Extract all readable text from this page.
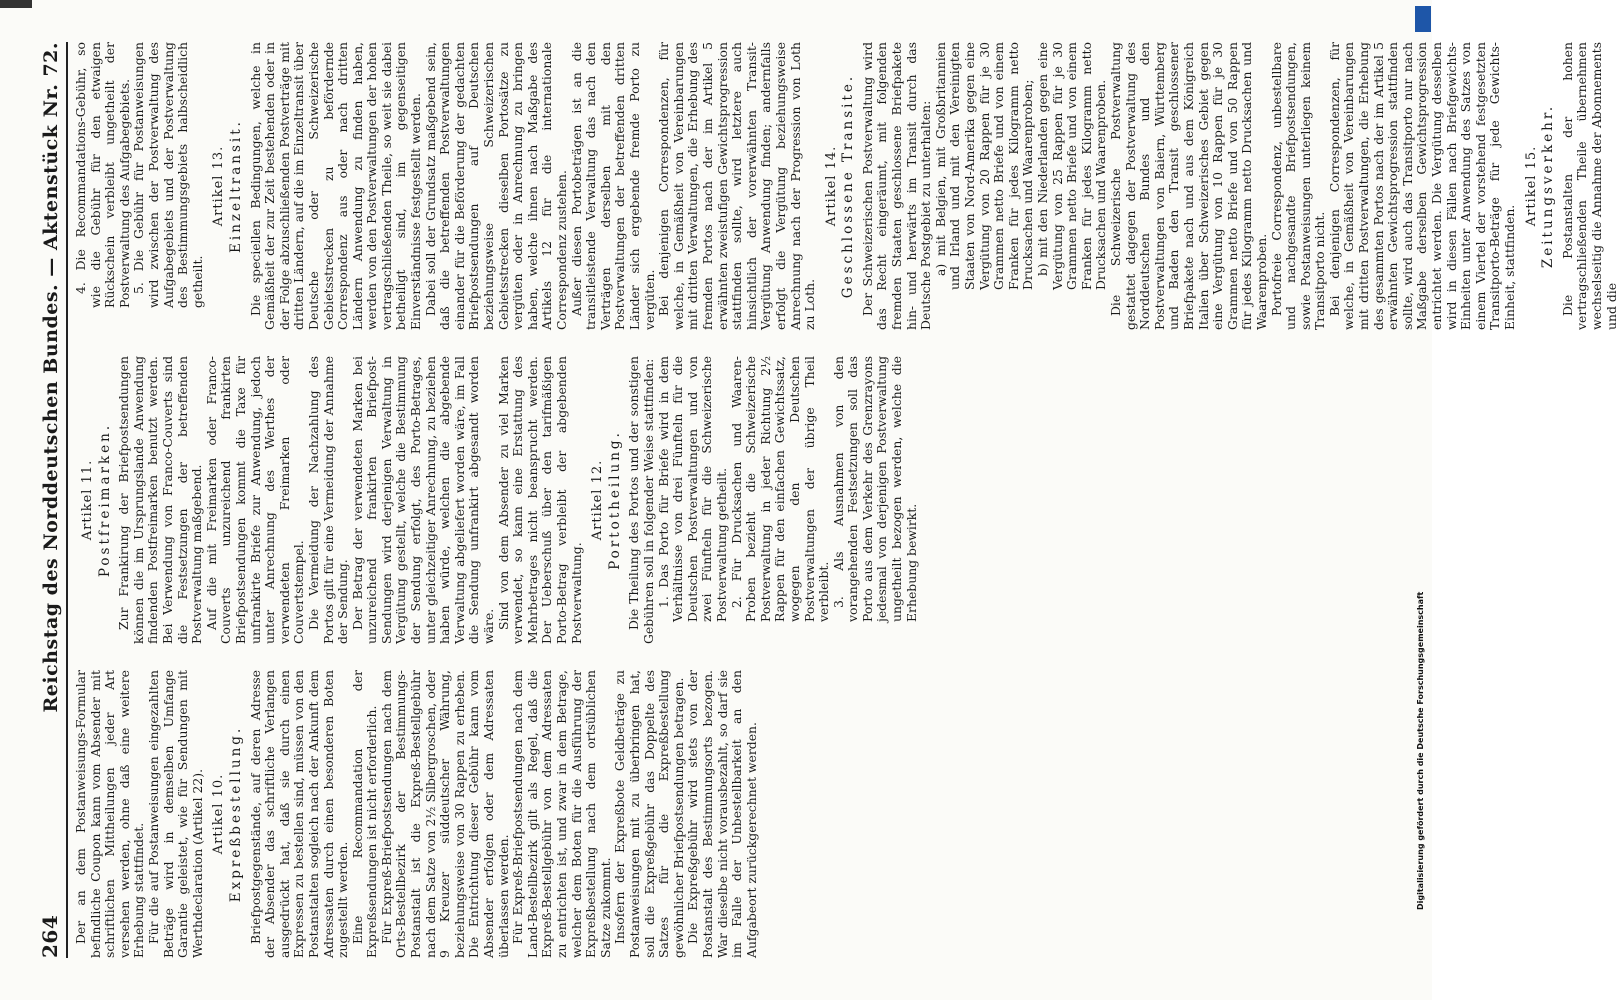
264
Reichstag des Norddeutschen Bundes. — Aktenstück Nr. 72.

Der an dem Postanweisungs-Formular befindliche Coupon kann vom Absender mit schriftlichen Mittheilungen jeder Art versehen werden, ohne daß eine weitere Erhebung stattfindet. Für die auf Postanweisungen eingezahlten Beträge wird in demselben Umfange Garantie geleistet, wie für Sendungen mit Werthdeclaration (Artikel 22). Artikel 10. Expreßbestellung. Briefpostgegenstände, auf deren Adresse der Absender das schriftliche Verlangen ausgedrückt hat, daß sie durch einen Expressen zu bestellen sind, müssen von den Postanstalten sogleich nach der Ankunft dem Adressaten durch einen besonderen Boten zugestellt werden. Eine Recommandation der Expreßsendungen ist nicht erforderlich. Für Expreß-Briefpostsendungen nach dem Orts-Bestellbezirk der Bestimmungs-Postanstalt ist die Expreß-Bestellgebühr nach dem Satze von 2½ Silbergroschen, oder 9 Kreuzer süddeutscher Währung, beziehungsweise von 30 Rappen zu erheben. Die Entrichtung dieser Gebühr kann vom Absender erfolgen oder dem Adressaten überlassen werden. Für Expreß-Briefpostsendungen nach dem Land-Bestellbezirk gilt als Regel, daß die Expreß-Bestellgebühr von dem Adressaten zu entrichten ist, und zwar in dem Betrage, welcher dem Boten für die Ausführung der Expreßbestellung nach dem ortsüblichen Satze zukommt. Insofern der Expreßbote Geldbeträge zu Postanweisungen mit zu überbringen hat, soll die Expreßgebühr das Doppelte des Satzes für die Expreßbestellung gewöhnlicher Briefpostsendungen betragen. Die Expreßgebühr wird stets von der Postanstalt des Bestimmungsorts bezogen. War dieselbe nicht vorausbezahlt, so darf sie im Falle der Unbestellbarkeit an den Aufgabeort zurückgerechnet werden.

Artikel 11. Postfreimarken. Zur Frankirung der Briefpostsendungen können die im Ursprungslande Anwendung findenden Postfreimarken benutzt werden. Bei Verwendung von Franco-Couverts sind die Festsetzungen der betreffenden Postverwaltung maßgebend. Auf die mit Freimarken oder Franco-Couverts unzureichend frankirten Briefpostsendungen kommt die Taxe für unfrankirte Briefe zur Anwendung, jedoch unter Anrechnung des Werthes der verwendeten Freimarken oder Couvertstempel. Die Vermeidung der Nachzahlung des Portos gilt für eine Vermeidung der Annahme der Sendung. Der Betrag der verwendeten Marken bei unzureichend frankirten Briefpost-Sendungen wird derjenigen Verwaltung in Vergütung gestellt, welche die Bestimmung der Sendung erfolgt, des Porto-Betrages, unter gleichzeitiger Anrechnung, zu beziehen haben würde, welchen die abgebende Verwaltung abgeliefert worden wäre, im Fall die Sendung unfrankirt abgesandt worden wäre. Sind von dem Absender zu viel Marken verwendet, so kann eine Erstattung des Mehrbetrages nicht beansprucht werden. Der Ueberschuß über den tarifmäßigen Porto-Betrag verbleibt der abgebenden Postverwaltung.

Artikel 12. Portotheilung. Die Theilung des Portos und der sonstigen Gebühren soll in folgender Weise stattfinden: 1. Das Porto für Briefe wird in dem Verhältnisse von drei Fünfteln für die Deutschen Postverwaltungen und von zwei Fünfteln für die Schweizerische Postverwaltung getheilt. 2. Für Drucksachen und Waaren-Proben bezieht die Schweizerische Postverwaltung in jeder Richtung 2½ Rappen für den einfachen Gewichtssatz, wogegen den Deutschen Postverwaltungen der übrige Theil verbleibt. 3. Als Ausnahmen von den vorangehenden Festsetzungen soll das Porto aus dem Verkehr des Grenzrayons jedesmal von derjenigen Postverwaltung ungetheilt bezogen werden, welche die Erhebung bewirkt.

4. Die Recommandations-Gebühr, so wie die Gebühr für den etwaigen Rückschein verbleibt ungetheilt der Postverwaltung des Aufgabegebiets. 5. Die Gebühr für Postanweisungen wird zwischen der Postverwaltung des Aufgabegebiets und der Postverwaltung des Bestimmungsgebiets halbscheidlich getheilt.

Artikel 13. Einzeltransit. Die speciellen Bedingungen, welche in Gemäßheit der zur Zeit bestehenden oder in der Folge abzuschließenden Postverträge mit dritten Ländern, auf die im Einzeltransit über Deutsche oder Schweizerische Gebietsstrecken zu befördernde Correspondenz aus oder nach dritten Ländern Anwendung zu finden haben, werden von den Postverwaltungen der hohen vertragschließenden Theile, so weit sie dabei betheiligt sind, im gegenseitigen Einverständnisse festgestellt werden. Dabei soll der Grundsatz maßgebend sein, daß die betreffenden Postverwaltungen einander für die Beförderung der gedachten Briefpostsendungen auf Deutschen beziehungsweise Schweizerischen Gebietsstrecken dieselben Portosätze zu vergüten oder in Anrechnung zu bringen haben, welche ihnen nach Maßgabe des Artikels 12 für die internationale Correspondenz zustehen. Außer diesen Portobeträgen ist an die transitleistende Verwaltung das nach den Verträgen derselben mit den Postverwaltungen der betreffenden dritten Länder sich ergebende fremde Porto zu vergüten. Bei denjenigen Correspondenzen, für welche, in Gemäßheit von Vereinbarungen mit dritten Verwaltungen, die Erhebung des fremden Portos nach der im Artikel 5 erwähnten zweistufigen Gewichtsprogression stattfinden sollte, wird letztere auch hinsichtlich der vorerwähnten Transit-Vergütung Anwendung finden; andernfalls erfolgt die Vergütung beziehungsweise Anrechnung nach der Progression von Loth zu Loth.

Artikel 14. Geschlossene Transite. Der Schweizerischen Postverwaltung wird das Recht eingeräumt, mit folgenden fremden Staaten geschlossene Briefpakete hin- und herwärts im Transit durch das Deutsche Postgebiet zu unterhalten: a) mit Belgien, mit Großbritannien und Irland und mit den Vereinigten Staaten von Nord-Amerika gegen eine Vergütung von 20 Rappen für je 30 Grammen netto Briefe und von einem Franken für jedes Kilogramm netto Drucksachen und Waarenproben; b) mit den Niederlanden gegen eine Vergütung von 25 Rappen für je 30 Grammen netto Briefe und von einem Franken für jedes Kilogramm netto Drucksachen und Waarenproben. Die Schweizerische Postverwaltung gestattet dagegen der Postverwaltung des Norddeutschen Bundes und den Postverwaltungen von Baiern, Württemberg und Baden den Transit geschlossener Briefpakete nach und aus dem Königreich Italien über Schweizerisches Gebiet gegen eine Vergütung von 10 Rappen für je 30 Grammen netto Briefe und von 50 Rappen für jedes Kilogramm netto Drucksachen und Waarenproben. Portofreie Correspondenz, unbestellbare und nachgesandte Briefpostsendungen, sowie Postanweisungen unterliegen keinem Transitporto nicht. Bei denjenigen Correspondenzen, für welche, in Gemäßheit von Vereinbarungen mit dritten Postverwaltungen, die Erhebung des gesammten Portos nach der im Artikel 5 erwähnten Gewichtsprogression stattfinden sollte, wird auch das Transitporto nur nach Maßgabe derselben Gewichtsprogression entrichtet werden. Die Vergütung desselben wird in diesen Fällen nach Briefgewichts-Einheiten unter Anwendung des Satzes von einem Viertel der vorstehend festgesetzten Transitporto-Beträge für jede Gewichts-Einheit, stattfinden.

Artikel 15. Zeitungsverkehr. Die Postanstalten der hohen vertragschließenden Theile übernehmen wechselseitig die Annahme der Abonnements und die

Digitalisierung gefördert durch die Deutsche Forschungsgemeinschaft
